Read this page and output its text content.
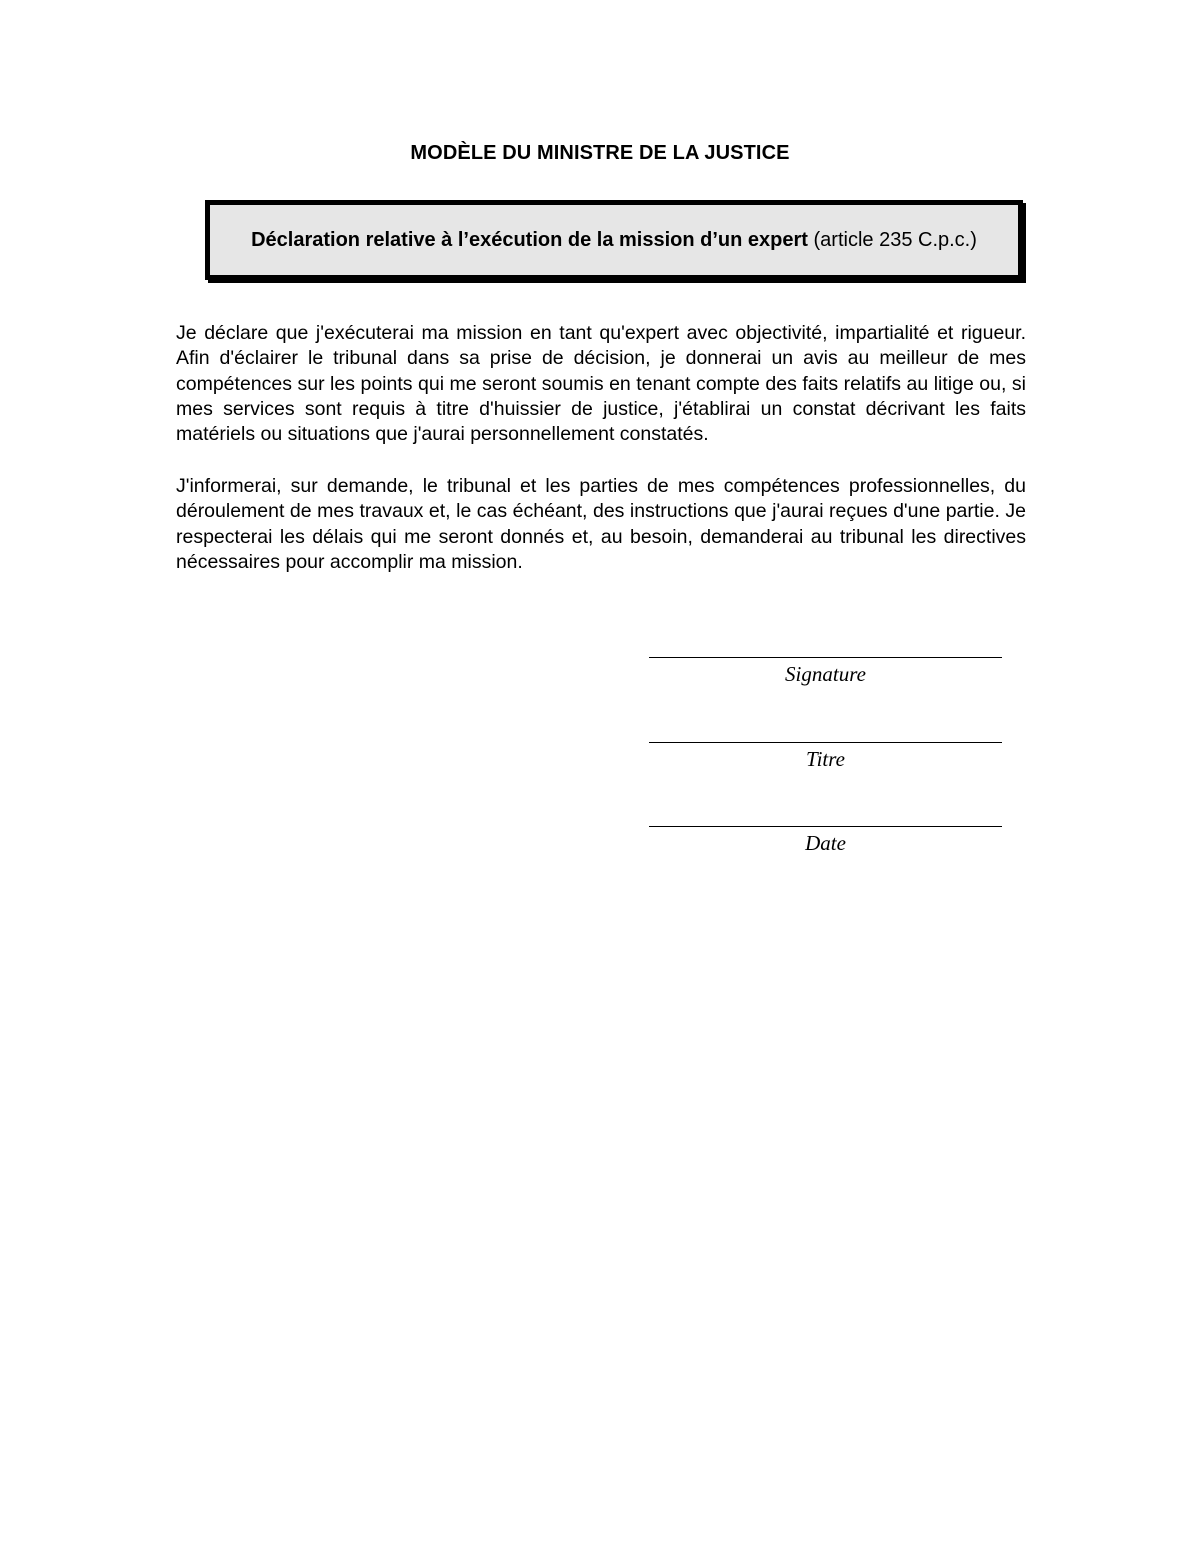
MODÈLE DU MINISTRE DE LA JUSTICE
Déclaration relative à l’exécution de la mission d’un expert (article 235 C.p.c.)
Je déclare que j'exécuterai ma mission en tant qu'expert avec objectivité, impartialité et rigueur. Afin d'éclairer le tribunal dans sa prise de décision, je donnerai un avis au meilleur de mes compétences sur les points qui me seront soumis en tenant compte des faits relatifs au litige ou, si mes services sont requis à titre d'huissier de justice, j'établirai un constat décrivant les faits matériels ou situations que j'aurai personnellement constatés.
J'informerai, sur demande, le tribunal et les parties de mes compétences professionnelles, du déroulement de mes travaux et, le cas échéant, des instructions que j'aurai reçues d'une partie. Je respecterai les délais qui me seront donnés et, au besoin, demanderai au tribunal les directives nécessaires pour accomplir ma mission.
Signature
Titre
Date
